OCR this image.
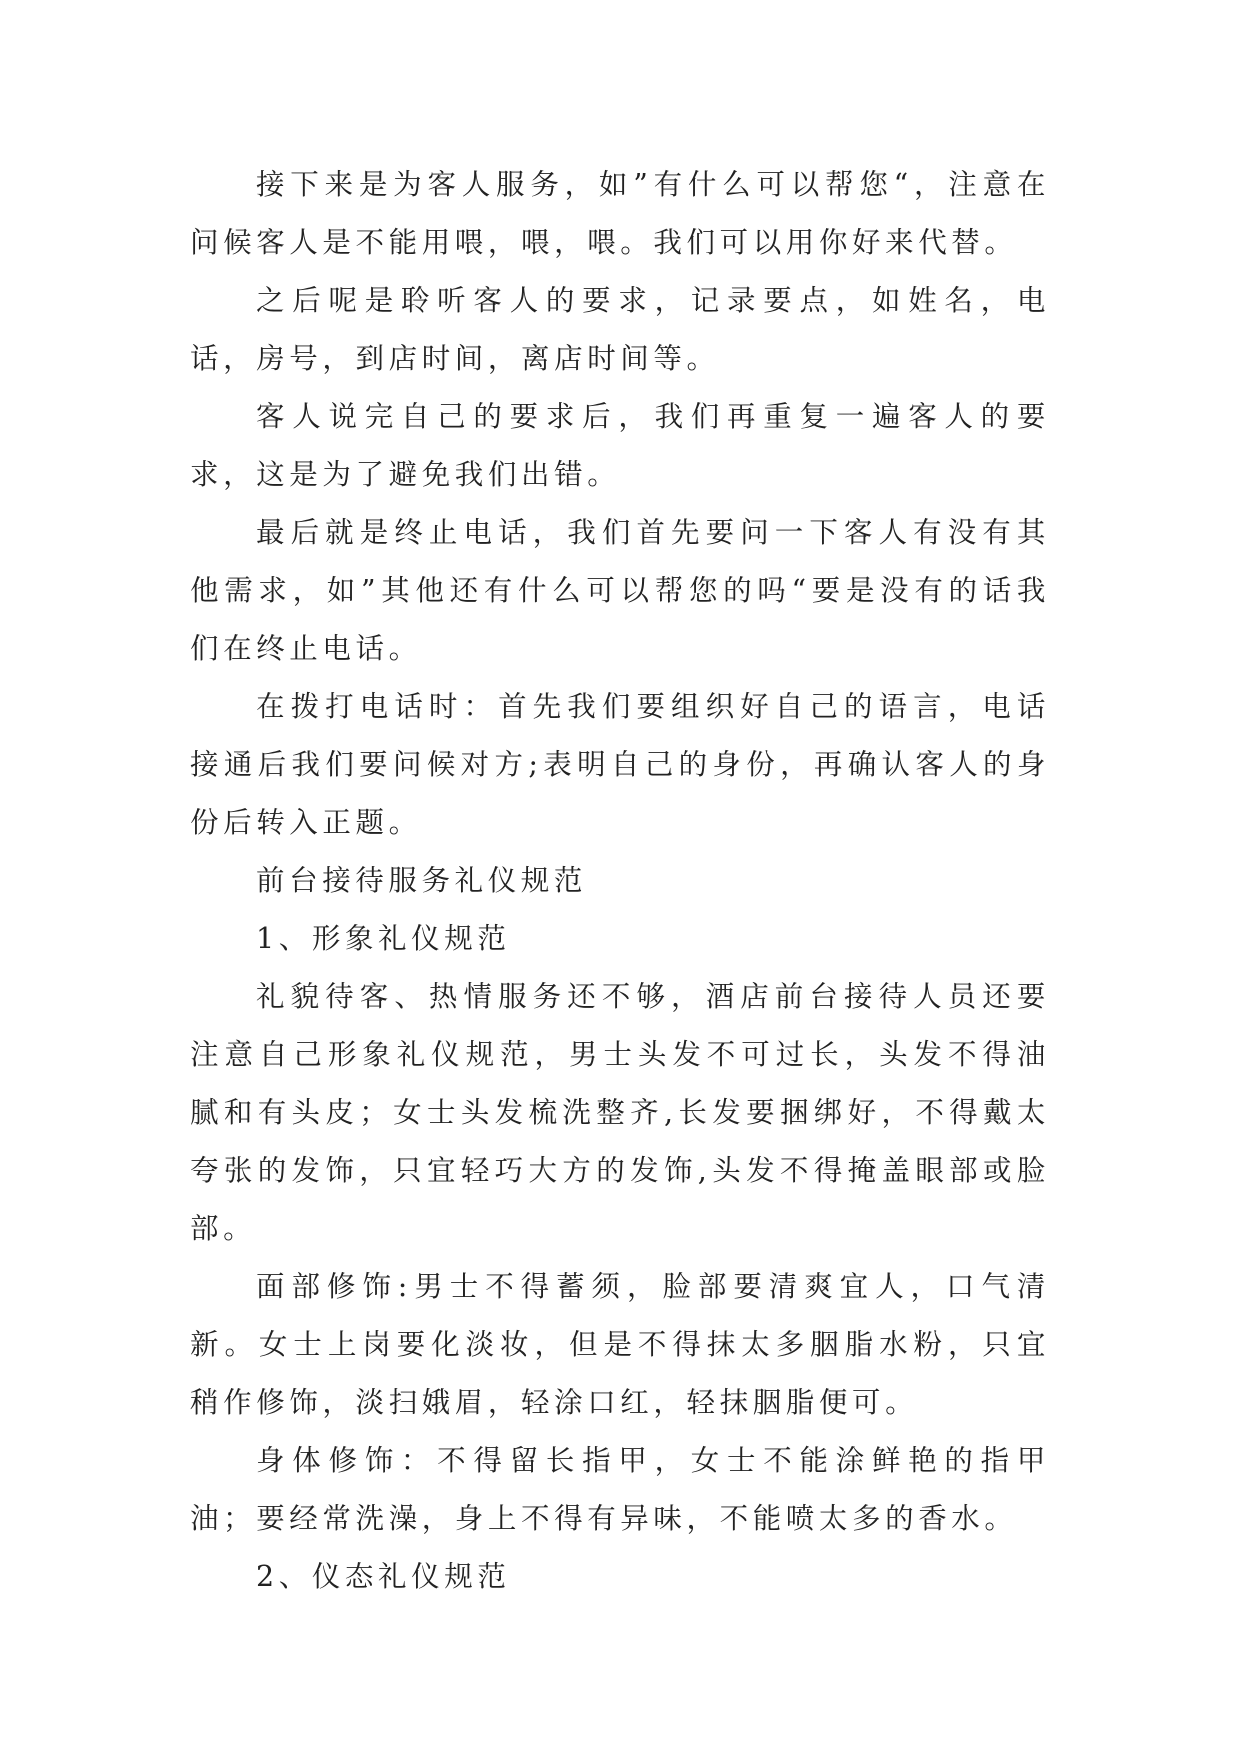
接下来是为客人服务，如”有什么可以帮您“，注意在问候客人是不能用喂，喂，喂。我们可以用你好来代替。

之后呢是聆听客人的要求，记录要点，如姓名，电话，房号，到店时间，离店时间等。

客人说完自己的要求后，我们再重复一遍客人的要求，这是为了避免我们出错。

最后就是终止电话，我们首先要问一下客人有没有其他需求，如”其他还有什么可以帮您的吗“要是没有的话我们在终止电话。

在拨打电话时：首先我们要组织好自己的语言，电话接通后我们要问候对方;表明自己的身份，再确认客人的身份后转入正题。

前台接待服务礼仪规范

1、形象礼仪规范

礼貌待客、热情服务还不够，酒店前台接待人员还要注意自己形象礼仪规范，男士头发不可过长，头发不得油腻和有头皮；女士头发梳洗整齐,长发要捆绑好，不得戴太夸张的发饰，只宜轻巧大方的发饰,头发不得掩盖眼部或脸部。

面部修饰:男士不得蓄须，脸部要清爽宜人，口气清新。女士上岗要化淡妆，但是不得抹太多胭脂水粉，只宜稍作修饰，淡扫娥眉，轻涂口红，轻抹胭脂便可。

身体修饰：不得留长指甲，女士不能涂鲜艳的指甲油；要经常洗澡，身上不得有异味，不能喷太多的香水。

2、仪态礼仪规范
